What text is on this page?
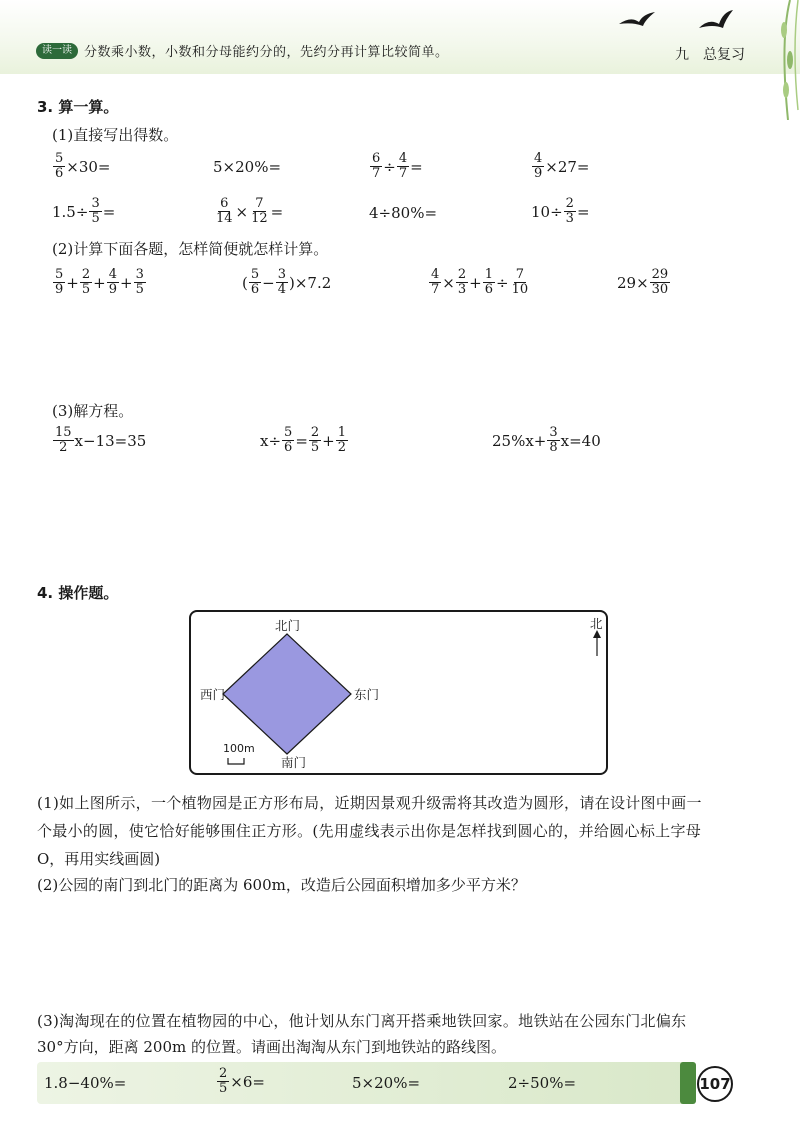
读一读 分数乘小数，小数和分母能约分的，先约分再计算比较简单。	九 总复习
3. 算一算。
(1)直接写出得数。
$\frac{5}{6} \times 30=$	5×20%=	$\frac{6}{7} \div \frac{4}{7}$ =	$\frac{4}{9} \times 27=$
$1.5\div \frac{3}{5}$ =	$\frac{6}{14} \times \frac{7}{12}$ =	4÷80%=	$10\div \frac{2}{3}$ =
(2)计算下面各题，怎样简便就怎样计算。
$\frac{5}{9} + \frac{2}{5} + \frac{4}{9} + \frac{3}{5}$	( $\frac{5}{6} - \frac{3}{4} )\times 7.2$	$\frac{4}{7} \times \frac{2}{3} + \frac{1}{6} \div \frac{7}{10}$	$29\times \frac{29}{30}$
(3)解方程。
$\frac{15}{2} x-13=35$	$x\div \frac{5}{6} = \frac{2}{5} + \frac{1}{2}$	$25\%x+ \frac{3}{8} x=40$
4. 操作题。
北门
南门
东门
西门
北
100m
(1)如上图所示，一个植物园是正方形布局，近期因景观升级需将其改造为圆形，请在设计图中画一
个最小的圆，使它恰好能够围住正方形。(先用虚线表示出你是怎样找到圆心的，并给圆心标上字母
O，再用实线画圆)
(2)公园的南门到北门的距离为 600m，改造后公园面积增加多少平方米？
(3)淘淘现在的位置在植物园的中心，他计划从东门离开搭乘地铁回家。地铁站在公园东门北偏东
30°方向，距离 200m 的位置。请画出淘淘从东门到地铁站的路线图。
1.8−40%=	$\frac{2}{5} \times 6=$	5×20%=	2÷50%=	107
